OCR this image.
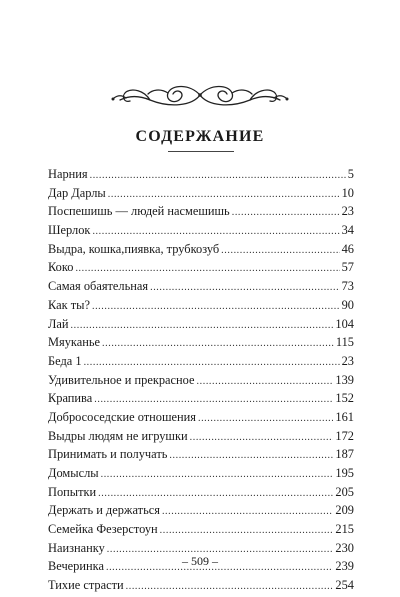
СОДЕРЖАНИЕ
Нарния .....	5
Дар Дарлы .....	10
Поспешишь — людей насмешишь .....	23
Шерлок .....	34
Выдра, кошка,пиявка, трубкозуб .....	46
Коко .....	57
Самая обаятельная .....	73
Как ты? .....	90
Лай .....	104
Мяуканье .....	115
Беда 1 .....	23
Удивительное и прекрасное .....	139
Крапива .....	152
Добрососедские отношения .....	161
Выдры людям не игрушки .....	172
Принимать и получать .....	187
Домыслы .....	195
Попытки .....	205
Держать и держаться .....	209
Семейка Фезерстоун .....	215
Наизнанку .....	230
Вечеринка .....	239
Тихие страсти .....	254
– 509 –
